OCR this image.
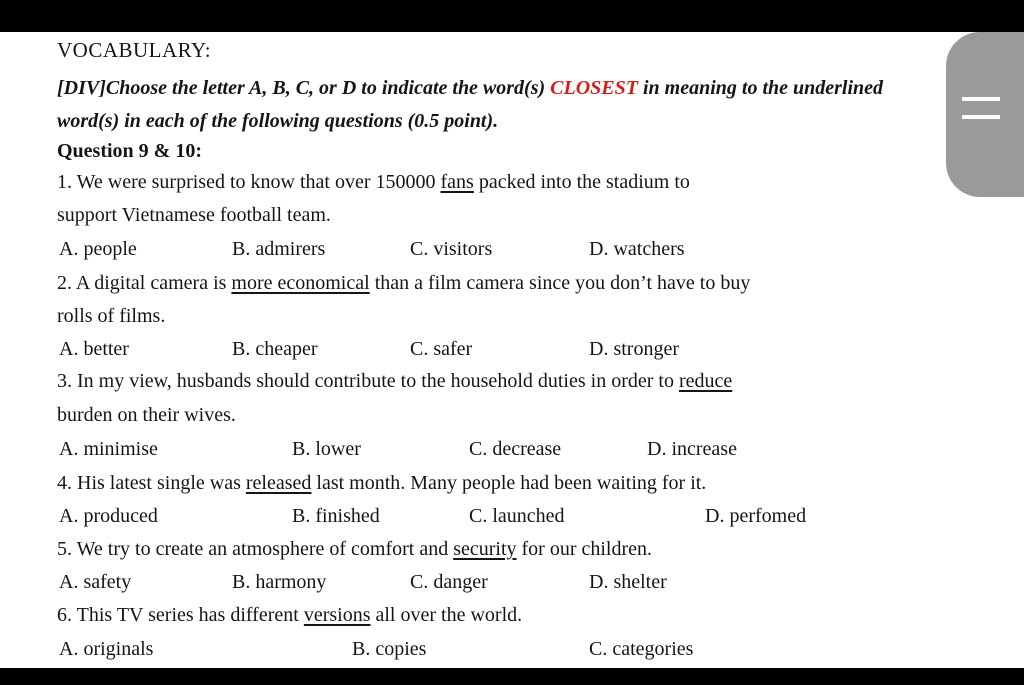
VOCABULARY:
[DIV]Choose the letter A, B, C, or D to indicate the word(s) CLOSEST in meaning to the underlined word(s) in each of the following questions (0.5 point).
Question 9 & 10:
1. We were surprised to know that over 150000 fans packed into the stadium to
support Vietnamese football team.
A. people	B. admirers	C. visitors	D. watchers
2. A digital camera is more economical than a film camera since you don’t have to buy
rolls of films.
A. better	B. cheaper	C. safer	D. stronger
3. In my view, husbands should contribute to the household duties in order to reduce
burden on their wives.
A. minimise	B. lower	C. decrease	D. increase
4. His latest single was released last month. Many people had been waiting for it.
A. produced	B. finished	C. launched	D. perfomed
5. We try to create an atmosphere of comfort and security for our children.
A. safety	B. harmony	C. danger	D. shelter
6. This TV series has different versions all over the world.
A. originals	B. copies	C. categories
